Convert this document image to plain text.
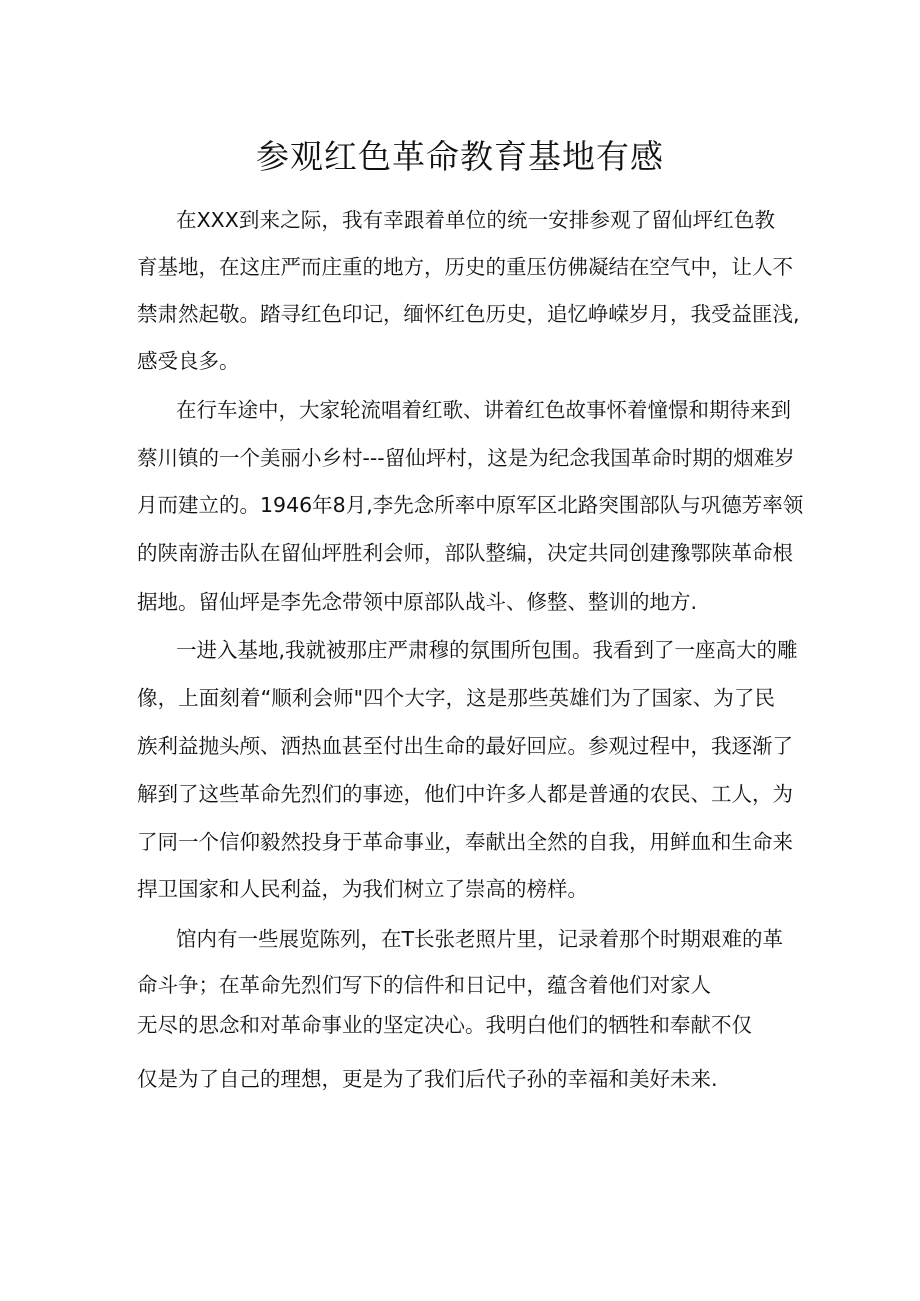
参观红色革命教育基地有感

在XXX到来之际，我有幸跟着单位的统一安排参观了留仙坪红色教

育基地，在这庄严而庄重的地方，历史的重压仿佛凝结在空气中，让人不

禁肃然起敬。踏寻红色印记，缅怀红色历史，追忆峥嵘岁月，我受益匪浅,

感受良多。

在行车途中，大家轮流唱着红歌、讲着红色故事怀着憧憬和期待来到

蔡川镇的一个美丽小乡村---留仙坪村，这是为纪念我国革命时期的烟难岁

月而建立的。1946年8月,李先念所率中原军区北路突围部队与巩德芳率领

的陕南游击队在留仙坪胜利会师，部队整编，决定共同创建豫鄂陕革命根

据地。留仙坪是李先念带领中原部队战斗、修整、整训的地方.

一进入基地,我就被那庄严肃穆的氛围所包围。我看到了一座高大的雕

像，上面刻着“顺利会师"四个大字，这是那些英雄们为了国家、为了民

族利益抛头颅、洒热血甚至付出生命的最好回应。参观过程中，我逐渐了

解到了这些革命先烈们的事迹，他们中许多人都是普通的农民、工人，为

了同一个信仰毅然投身于革命事业，奉献出全然的自我，用鲜血和生命来

捍卫国家和人民利益，为我们树立了崇高的榜样。

馆内有一些展览陈列，在T长张老照片里，记录着那个时期艰难的革

命斗争；在革命先烈们写下的信件和日记中，蕴含着他们对家人

无尽的思念和对革命事业的坚定决心。我明白他们的牺牲和奉献不仅

仅是为了自己的理想，更是为了我们后代子孙的幸福和美好未来.
